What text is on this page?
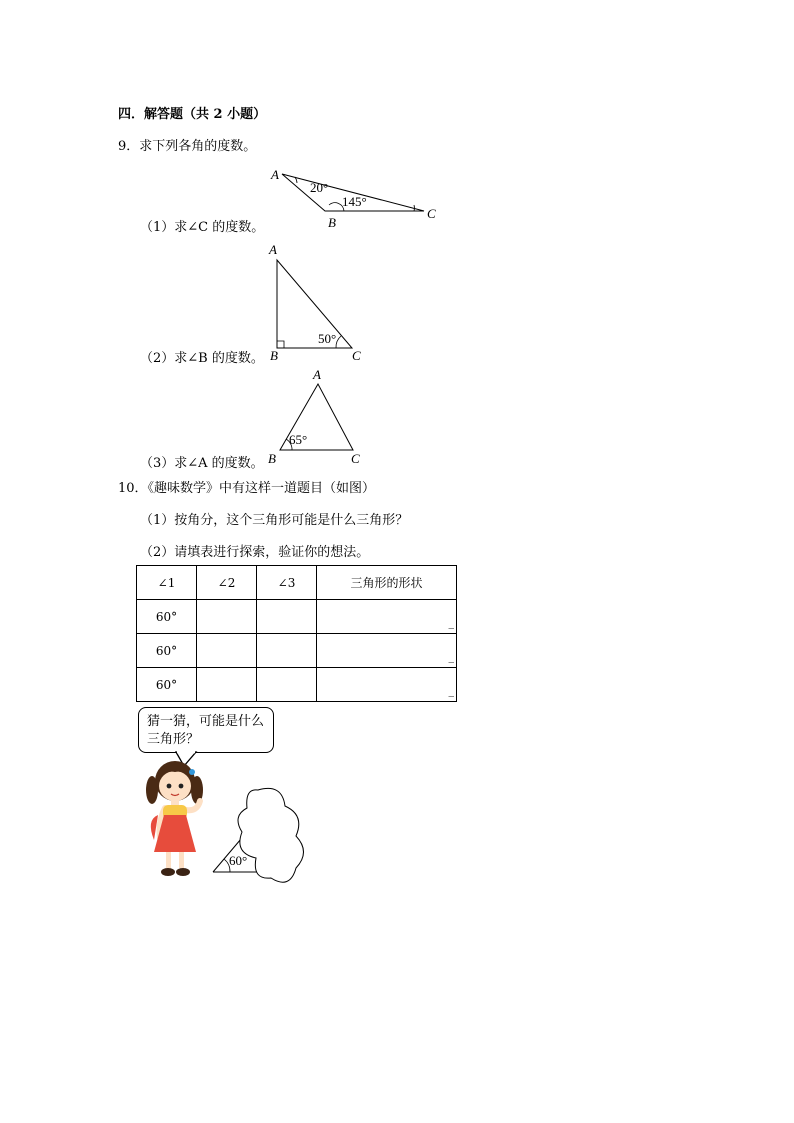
四．解答题（共 2 小题）
9．求下列各角的度数。
A
B
C
20°
145°
（1）求∠C 的度数。
A
B	C
50°
（2）求∠B 的度数。
A
B	C
65°
（3）求∠A 的度数。
10．《趣味数学》中有这样一道题目（如图）
（1）按角分，这个三角形可能是什么三角形？
（2）请填表进行探索，验证你的想法。
∠1	∠2	∠3	三角形的形状
60°			_

60°			_

60°			_
猜一猜，可能是什么三角形？
60°
